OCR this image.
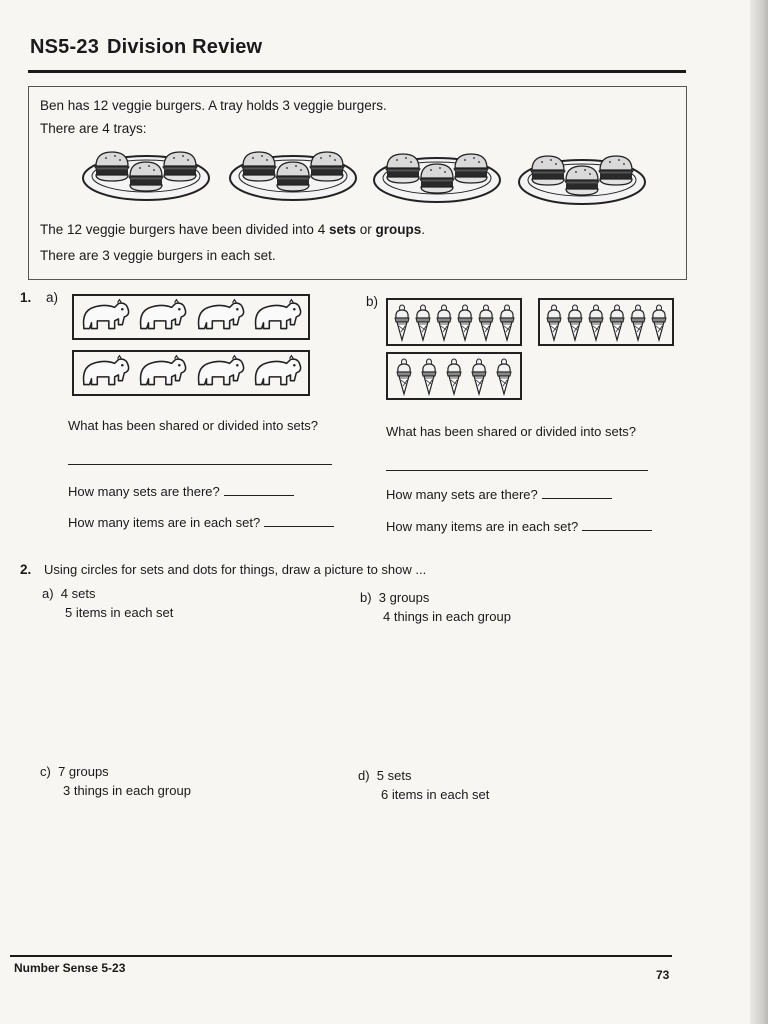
NS5-23 Division Review
Ben has 12 veggie burgers. A tray holds 3 veggie burgers.
There are 4 trays:
The 12 veggie burgers have been divided into 4 sets or groups.
There are 3 veggie burgers in each set.
1. a)	b)
What has been shared or divided into sets?
How many sets are there?
How many items are in each set?
What has been shared or divided into sets?
How many sets are there?
How many items are in each set?
2. Using circles for sets and dots for things, draw a picture to show ...
a) 4 sets
5 items in each set
b) 3 groups
4 things in each group
c) 7 groups
3 things in each group
d) 5 sets
6 items in each set
Number Sense 5-23	73
